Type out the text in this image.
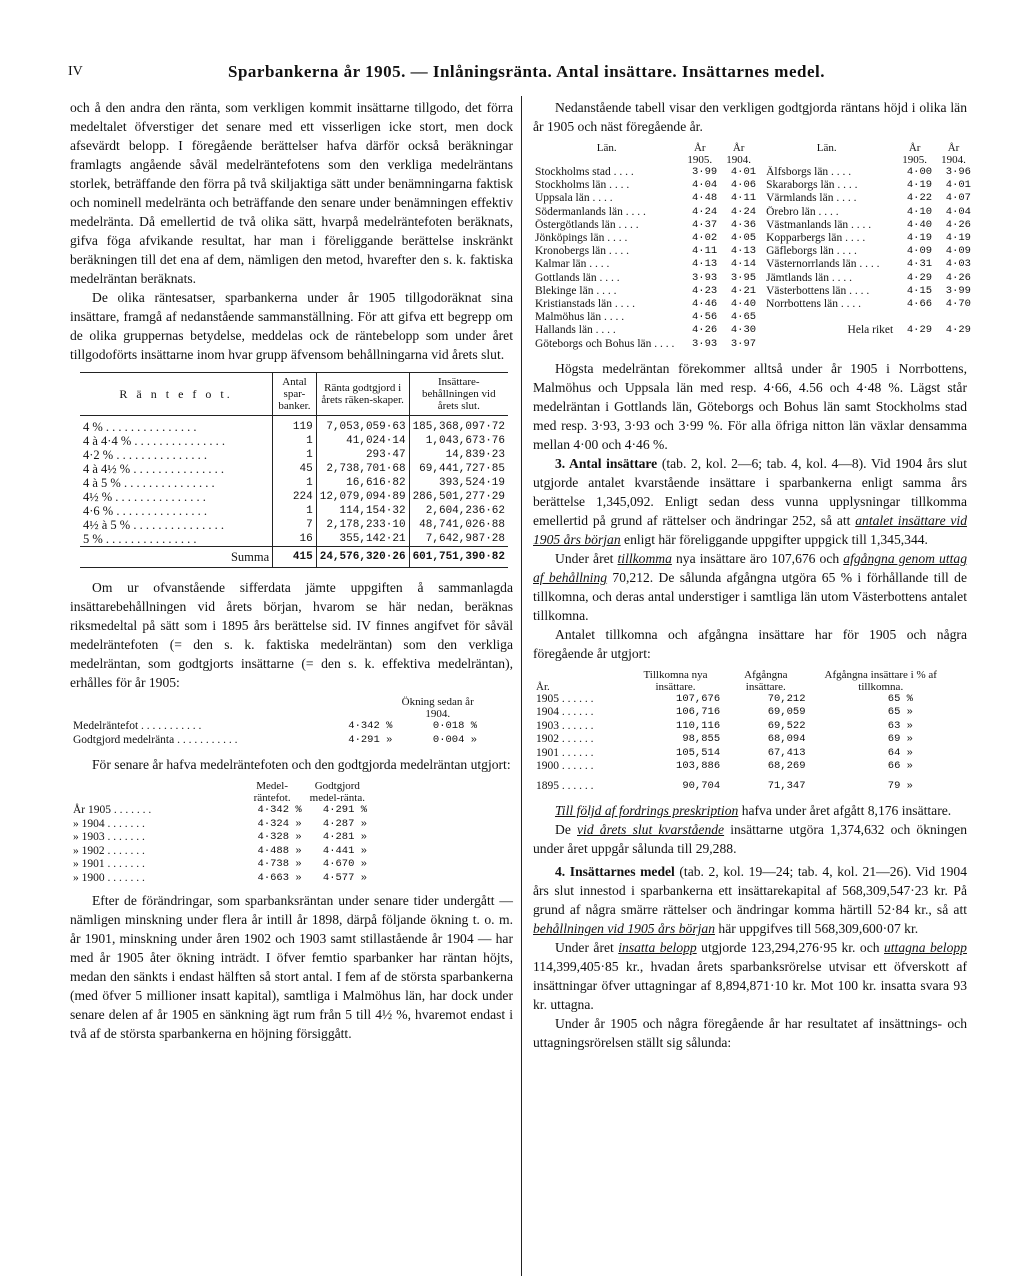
IV	Sparbankerna år 1905. — Inlåningsränta. Antal insättare. Insättarnes medel.

och å den andra den ränta, som verkligen kommit insättarne tillgodo, det förra medeltalet öfverstiger det senare med ett visserligen icke stort, men dock afsevärdt belopp. I föregående berättelser hafva därför också beräkningar framlagts angående såväl medelräntefotens som den verkliga medelräntans storlek, beträffande den förra på två skiljaktiga sätt under benämningarna faktisk och nominell medelränta och beträffande den senare under benämningen effektiv medelränta. Då emellertid de två olika sätt, hvarpå medelräntefoten beräknats, gifva föga afvikande resultat, har man i föreliggande berättelse inskränkt beräkningen till det ena af dem, nämligen den metod, hvarefter den s. k. faktiska medelräntan beräknats.

De olika räntesatser, sparbankerna under år 1905 tillgodoräknat sina insättare, framgå af nedanstående sammanställning. För att gifva ett begrepp om de olika gruppernas betydelse, meddelas ock de räntebelopp som under året tillgodoförts insättarne inom hvar grupp äfvensom behållningarna vid årets slut.

R ä n t e f o t.	Antal spar-banker.	Ränta godtgjord i årets räken-skaper.	Insättare-behållningen vid årets slut.
4 % . . . . . . . . . . . . . . .	119	7,053,059·63	185,368,097·72
4 à 4·4 % . . . . . . . . . . . . . . .	1	41,024·14	1,043,673·76
4·2 % . . . . . . . . . . . . . . .	1	293·47	14,839·23
4 à 4½ % . . . . . . . . . . . . . . .	45	2,738,701·68	69,441,727·85
4 à 5 % . . . . . . . . . . . . . . .	1	16,616·82	393,524·19
4½ % . . . . . . . . . . . . . . .	224	12,079,094·89	286,501,277·29
4·6 % . . . . . . . . . . . . . . .	1	114,154·32	2,604,236·62
4½ à 5 % . . . . . . . . . . . . . . .	7	2,178,233·10	48,741,026·88
5 % . . . . . . . . . . . . . . .	16	355,142·21	7,642,987·28
Summa	415	24,576,320·26	601,751,390·82

Om ur ofvanstående sifferdata jämte uppgiften å sammanlagda insättarebehållningen vid årets början, hvarom se här nedan, beräknas riksmedeltal på sätt som i 1895 års berättelse sid. IV finnes angifvet för såväl medelräntefoten (= den s. k. faktiska medelräntan) som den verkliga medelräntan, som godtgjorts insättarne (= den s. k. effektiva medelräntan), erhålles för år 1905:

		Ökning sedan år 1904.
Medelräntefot . . . . . . . . . . .	4·342 %	0·018 %
Godtgjord medelränta . . . . . . . . . . .	4·291 »	0·004 »

För senare år hafva medelräntefoten och den godtgjorda medelräntan utgjort:

	Medel-räntefot.	Godtgjord medel-ränta.
År 1905 . . . . . . .	4·342 %	4·291 %
» 1904 . . . . . . .	4·324 »	4·287 »
» 1903 . . . . . . .	4·328 »	4·281 »
» 1902 . . . . . . .	4·488 »	4·441 »
» 1901 . . . . . . .	4·738 »	4·670 »
» 1900 . . . . . . .	4·663 »	4·577 »

Efter de förändringar, som sparbanksräntan under senare tider undergått — nämligen minskning under flera år intill år 1898, därpå följande ökning t. o. m. år 1901, minskning under åren 1902 och 1903 samt stillastående år 1904 — har med år 1905 åter ökning inträdt. I öfver femtio sparbanker har räntan höjts, medan den sänkts i endast hälften så stort antal. I fem af de största sparbankerna (med öfver 5 millioner insatt kapital), samtliga i Malmöhus län, har dock under senare delen af år 1905 en sänkning ägt rum från 5 till 4½ %, hvaremot endast i två af de största sparbankerna en höjning försiggått.

Nedanstående tabell visar den verkligen godtgjorda räntans höjd i olika län år 1905 och näst föregående år.

Län.	År	År	Län.	År	År
	1905.	1904.		1905.	1904.
Stockholms stad . . . .	3·99	4·01	Älfsborgs län . . . .	4·00	3·96
Stockholms län . . . .	4·04	4·06	Skaraborgs län . . . .	4·19	4·01
Uppsala län . . . .	4·48	4·11	Värmlands län . . . .	4·22	4·07
Södermanlands län . . . .	4·24	4·24	Örebro län . . . .	4·10	4·04
Östergötlands län . . . .	4·37	4·36	Västmanlands län . . . .	4·40	4·26
Jönköpings län . . . .	4·02	4·05	Kopparbergs län . . . .	4·19	4·19
Kronobergs län . . . .	4·11	4·13	Gäfleborgs län . . . .	4·09	4·09
Kalmar län . . . .	4·13	4·14	Västernorrlands län . . . .	4·31	4·03
Gottlands län . . . .	3·93	3·95	Jämtlands län . . . .	4·29	4·26
Blekinge län . . . .	4·23	4·21	Västerbottens län . . . .	4·15	3·99
Kristianstads län . . . .	4·46	4·40	Norrbottens län . . . .	4·66	4·70
Malmöhus län . . . .	4·56	4·65			
Hallands län . . . .	4·26	4·30	Hela riket	4·29	4·29
Göteborgs och Bohus län . . . .	3·93	3·97			

Högsta medelräntan förekommer alltså under år 1905 i Norrbottens, Malmöhus och Uppsala län med resp. 4·66, 4.56 och 4·48 %. Lägst står medelräntan i Gottlands län, Göteborgs och Bohus län samt Stockholms stad med resp. 3·93, 3·93 och 3·99 %. För alla öfriga nitton län växlar densamma mellan 4·00 och 4·46 %.

3. Antal insättare (tab. 2, kol. 2—6; tab. 4, kol. 4—8). Vid 1904 års slut utgjorde antalet kvarstående insättare i sparbankerna enligt samma års berättelse 1,345,092. Enligt sedan dess vunna upplysningar tillkomma emellertid på grund af rättelser och ändringar 252, så att antalet insättare vid 1905 års början enligt här föreliggande uppgifter uppgick till 1,345,344.

Under året tillkomma nya insättare äro 107,676 och afgångna genom uttag af behållning 70,212. De sålunda afgångna utgöra 65 % i förhållande till de tillkomna, och deras antal understiger i samtliga län utom Västerbottens antalet tillkomna.

Antalet tillkomna och afgångna insättare har för 1905 och några föregående år utgjort:

År.	Tillkomna nya insättare.	Afgångna insättare.	Afgångna insättare i % af tillkomna.
1905 . . . . . .	107,676	70,212	65 %
1904 . . . . . .	106,716	69,059	65 »
1903 . . . . . .	110,116	69,522	63 »
1902 . . . . . .	98,855	68,094	69 »
1901 . . . . . .	105,514	67,413	64 »
1900 . . . . . .	103,886	68,269	66 »
1895 . . . . . .	90,704	71,347	79 »

Till följd af fordrings preskription hafva under året afgått 8,176 insättare.

De vid årets slut kvarstående insättarne utgöra 1,374,632 och ökningen under året uppgår sålunda till 29,288.

4. Insättarnes medel (tab. 2, kol. 19—24; tab. 4, kol. 21—26). Vid 1904 års slut innestod i sparbankerna ett insättarekapital af 568,309,547·23 kr. På grund af några smärre rättelser och ändringar komma härtill 52·84 kr., så att behållningen vid 1905 års början här uppgifves till 568,309,600·07 kr.

Under året insatta belopp utgjorde 123,294,276·95 kr. och uttagna belopp 114,399,405·85 kr., hvadan årets sparbanksrörelse utvisar ett öfverskott af insättningar öfver uttagningar af 8,894,871·10 kr. Mot 100 kr. insatta svara 93 kr. uttagna.

Under år 1905 och några föregående år har resultatet af insättnings- och uttagningsrörelsen ställt sig sålunda:
